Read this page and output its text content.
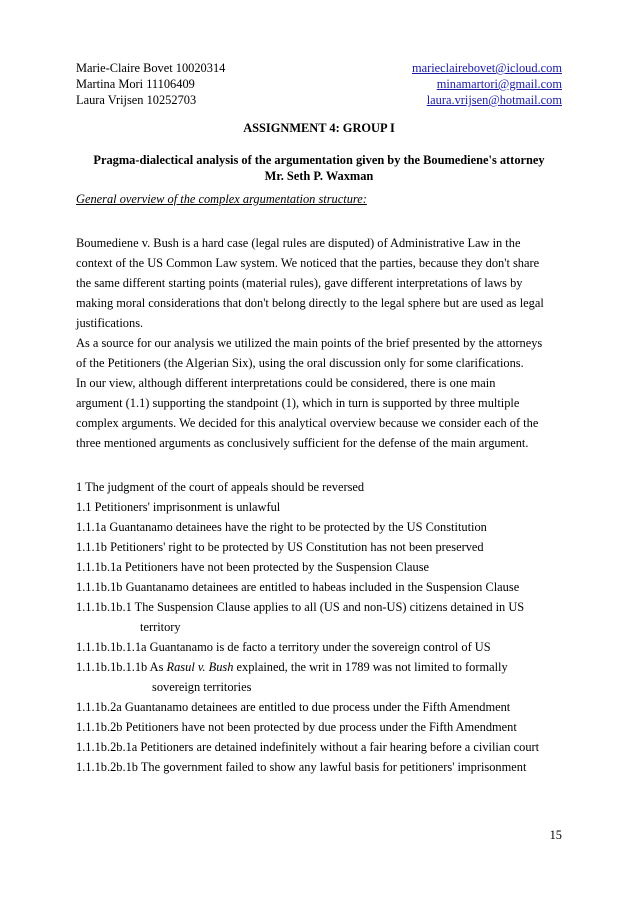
Marie-Claire Bovet 10020314	marieclairebovet@icloud.com
Martina Mori 11106409	minamartori@gmail.com
Laura Vrijsen 10252703	laura.vrijsen@hotmail.com
ASSIGNMENT 4: GROUP I
Pragma-dialectical analysis of the argumentation given by the Boumediene's attorney
Mr. Seth P. Waxman
General overview of the complex argumentation structure:
Boumediene v. Bush is a hard case (legal rules are disputed) of Administrative Law in the
context of the US Common Law system. We noticed that the parties, because they don't share
the same different starting points (material rules), gave different interpretations of laws by
making moral considerations that don't belong directly to the legal sphere but are used as legal
justifications.
As a source for our analysis we utilized the main points of the brief presented by the attorneys
of the Petitioners (the Algerian Six), using the oral discussion only for some clarifications.
In our view, although different interpretations could be considered, there is one main
argument (1.1) supporting the standpoint (1), which in turn is supported by three multiple
complex arguments. We decided for this analytical overview because we consider each of the
three mentioned arguments as conclusively sufficient for the defense of the main argument.
1 The judgment of the court of appeals should be reversed
1.1 Petitioners' imprisonment is unlawful
1.1.1a Guantanamo detainees have the right to be protected by the US Constitution
1.1.1b Petitioners' right to be protected by US Constitution has not been preserved
1.1.1b.1a Petitioners have not been protected by the Suspension Clause
1.1.1b.1b Guantanamo detainees are entitled to habeas included in the Suspension Clause
1.1.1b.1b.1 The Suspension Clause applies to all (US and non-US) citizens detained in US
territory
1.1.1b.1b.1.1a Guantanamo is de facto a territory under the sovereign control of US
1.1.1b.1b.1.1b As Rasul v. Bush explained, the writ in 1789 was not limited to formally
sovereign territories
1.1.1b.2a Guantanamo detainees are entitled to due process under the Fifth Amendment
1.1.1b.2b Petitioners have not been protected by due process under the Fifth Amendment
1.1.1b.2b.1a Petitioners are detained indefinitely without a fair hearing before a civilian court
1.1.1b.2b.1b The government failed to show any lawful basis for petitioners' imprisonment
15
